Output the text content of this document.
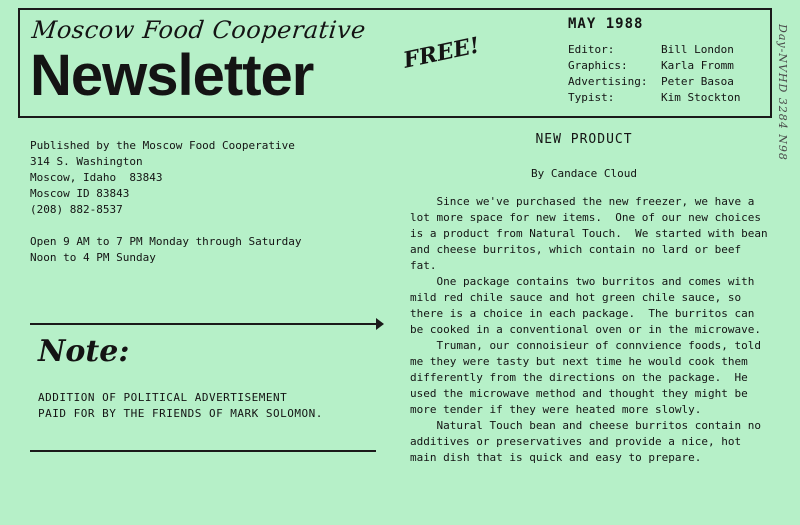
Moscow Food Cooperative
Newsletter	FREE!
MAY 1988
Editor:	Bill London
Graphics:	Karla Fromm
Advertising:	Peter Basoa
Typist:	Kim Stockton	Day-NVHD 3284 N98
Published by the Moscow Food Cooperative
314 S. Washington
Moscow, Idaho  83843
Moscow ID 83843
(208) 882-8537
Open 9 AM to 7 PM Monday through Saturday
Noon to 4 PM Sunday
Note:
ADDITION OF POLITICAL ADVERTISEMENT
PAID FOR BY THE FRIENDS OF MARK SOLOMON.
NEW PRODUCT
By Candace Cloud
Since we've purchased the new freezer, we have a
lot more space for new items.  One of our new choices
is a product from Natural Touch.  We started with bean
and cheese burritos, which contain no lard or beef
fat.
One package contains two burritos and comes with
mild red chile sauce and hot green chile sauce, so
there is a choice in each package.  The burritos can
be cooked in a conventional oven or in the microwave.
Truman, our connoisieur of connvience foods, told
me they were tasty but next time he would cook them
differently from the directions on the package.  He
used the microwave method and thought they might be
more tender if they were heated more slowly.
Natural Touch bean and cheese burritos contain no
additives or preservatives and provide a nice, hot
main dish that is quick and easy to prepare.
